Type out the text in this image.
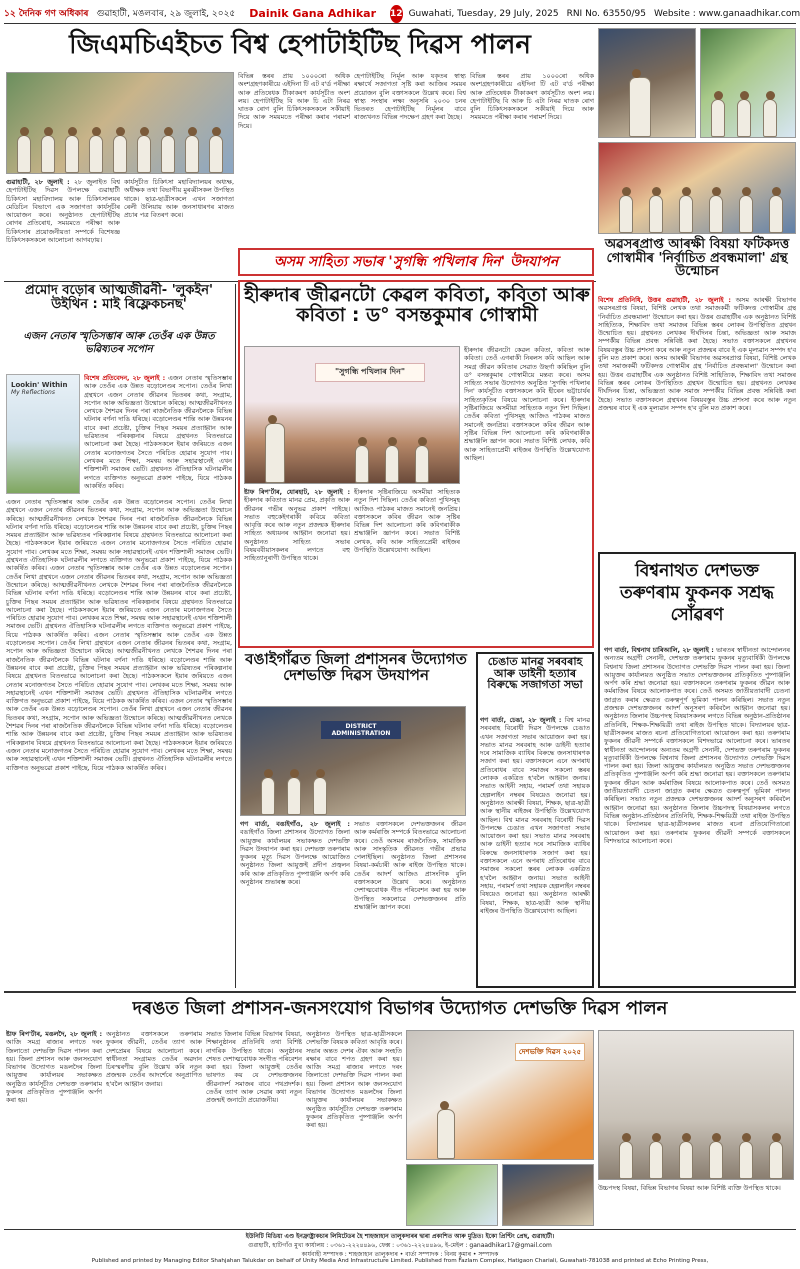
১২ দৈনিক গণ অধিকাৰ গুৱাহাটী, মঙলবাৰ, ২৯ জুলাই, ২০২৫ Dainik Gana Adhikar 12 Guwahati, Tuesday, 29 July, 2025 RNI No. 63550/95 Website : www.ganaadhikar.com
জিএমচিএইচত বিশ্ব হেপাটাইটিছ দিৱস পালন
গুৱাহাটী, ২৮ জুলাই : ২৮ জুলাইত বিশ্ব হেপাটাইটিছ দিৱস উপলক্ষে গুৱাহাটী চিকিৎসা মহাবিদ্যালয় আৰু চিকিৎসালয়ৰ মেডিচিন বিভাগে এক সজাগতা কাৰ্যসূচীৰ আয়োজন কৰে। অনুষ্ঠানত হেপাটাইটিছ ৰোগৰ প্ৰতিৰোধ, সময়মতে পৰীক্ষা আৰু চিকিৎসাৰ প্ৰয়োজনীয়তা সম্পৰ্কে বিশেষজ্ঞ চিকিৎসকসকলে আলোচনা আগবঢ়ায়।
কাৰ্যসূচীত চিকিৎসা মহাবিদ্যালয়ৰ অধ্যক্ষ, অধীক্ষক তথা বিভাগীয় মুৰব্বীসকল উপস্থিত থাকে। ছাত্ৰ-ছাত্ৰীসকলে এখন সজাগতা ৰেলী উলিয়ায় আৰু জনসাধাৰণৰ মাজত প্ৰচাৰ পত্ৰ বিতৰণ কৰে।
বিভিন্ন স্তৰৰ প্ৰায় ১০০০ৰো অধিক অংশগ্ৰহণকাৰীয়ে এইদিনা টি এট ব'ৰ্ড পৰীক্ষা আৰু প্ৰতিষেধক টীকাকৰণ কাৰ্যসূচীত অংশ লয়। হেপাটাইটিছ বি আৰু চি এটা নিৰৱ ঘাতক ৰোগ বুলি চিকিৎসকসকলে সকীয়াই দিয়ে আৰু সময়মতে পৰীক্ষা কৰাৰ পৰামৰ্শ দিয়ে।
হেপাটাইটিছ নিৰ্মূল আৰু যকৃতৰ স্বাস্থ্য ৰক্ষাৰ্থে সজাগতা সৃষ্টি কৰা আজিৰ সময়ৰ প্ৰয়োজন বুলি বক্তাসকলে উল্লেখ কৰে। বিশ্ব স্বাস্থ্য সংস্থাৰ লক্ষ্য অনুসৰি ২০৩০ চনৰ ভিতৰত হেপাটাইটিছ নিৰ্মূলৰ বাবে ৰাজ্যখনত বিভিন্ন পদক্ষেপ গ্ৰহণ কৰা হৈছে।
বিভিন্ন স্তৰৰ প্ৰায় ১০০০ৰো অধিক অংশগ্ৰহণকাৰীয়ে এইদিনা টি এট ব'ৰ্ড পৰীক্ষা আৰু প্ৰতিষেধক টীকাকৰণ কাৰ্যসূচীত অংশ লয়। হেপাটাইটিছ বি আৰু চি এটা নিৰৱ ঘাতক ৰোগ বুলি চিকিৎসকসকলে সকীয়াই দিয়ে আৰু সময়মতে পৰীক্ষা কৰাৰ পৰামৰ্শ দিয়ে।
অৱসৰপ্ৰাপ্ত আৰক্ষী বিষয়া ফটিকদত্ত গোস্বামীৰ 'নিৰ্বাচিত প্ৰবন্ধমালা' গ্ৰন্থ উন্মোচন
বিশেষ প্ৰতিনিধি, উত্তৰ গুৱাহাটী, ২৮ জুলাই : অসম আৰক্ষী বিভাগৰ অৱসৰপ্ৰাপ্ত বিষয়া, বিশিষ্ট লেখক তথা সমাজকৰ্মী ফটিকদত্ত গোস্বামীৰ গ্ৰন্থ 'নিৰ্বাচিত প্ৰবন্ধমালা' উন্মোচন কৰা হয়। উত্তৰ গুৱাহাটীৰ এক অনুষ্ঠানত বিশিষ্ট সাহিত্যিক, শিক্ষাবিদ তথা সমাজৰ বিভিন্ন স্তৰৰ লোকৰ উপস্থিতিত গ্ৰন্থখন উন্মোচিত হয়। গ্ৰন্থখনত লেখকৰ দীৰ্ঘদিনৰ চিন্তা, অভিজ্ঞতা আৰু সমাজ সম্পৰ্কীয় বিভিন্ন প্ৰবন্ধ সন্নিবিষ্ট কৰা হৈছে। সভাত বক্তাসকলে গ্ৰন্থখনৰ বিষয়বস্তুৰ উচ্চ প্ৰশংসা কৰে আৰু নতুন প্ৰজন্মৰ বাবে ই এক মূল্যৱান সম্পদ হ'ব বুলি মত প্ৰকাশ কৰে। অসম আৰক্ষী বিভাগৰ অৱসৰপ্ৰাপ্ত বিষয়া, বিশিষ্ট লেখক তথা সমাজকৰ্মী ফটিকদত্ত গোস্বামীৰ গ্ৰন্থ 'নিৰ্বাচিত প্ৰবন্ধমালা' উন্মোচন কৰা হয়। উত্তৰ গুৱাহাটীৰ এক অনুষ্ঠানত বিশিষ্ট সাহিত্যিক, শিক্ষাবিদ তথা সমাজৰ বিভিন্ন স্তৰৰ লোকৰ উপস্থিতিত গ্ৰন্থখন উন্মোচিত হয়। গ্ৰন্থখনত লেখকৰ দীৰ্ঘদিনৰ চিন্তা, অভিজ্ঞতা আৰু সমাজ সম্পৰ্কীয় বিভিন্ন প্ৰবন্ধ সন্নিবিষ্ট কৰা হৈছে। সভাত বক্তাসকলে গ্ৰন্থখনৰ বিষয়বস্তুৰ উচ্চ প্ৰশংসা কৰে আৰু নতুন প্ৰজন্মৰ বাবে ই এক মূল্যৱান সম্পদ হ'ব বুলি মত প্ৰকাশ কৰে।
প্ৰমোদ বড়োৰ আত্মজীৱনী- 'লুকইন' উইথিন : মাই ৰিফ্লেকচনছ'
এজন নেতাৰ স্মৃতিসম্ভাৰ আৰু তেওঁৰ এক উন্নত ভৱিষ্যতৰ সপোন
Lookin' Within
My Reflections
বিশেষ প্ৰতিবেদন, ২৮ জুলাই : এজন নেতাৰ স্মৃতিসম্ভাৰ আৰু তেওঁৰ এক উন্নত বড়োলেণ্ডৰ সপোন। তেওঁৰ লিখা গ্ৰন্থখনে এজন নেতাৰ জীৱনৰ ভিতৰৰ কথা, সংগ্ৰাম, সপোন আৰু অভিজ্ঞতা উন্মোচন কৰিছে। আত্মজীৱনীখনত লেখকে শৈশৱৰ দিনৰ পৰা ৰাজনৈতিক জীৱনলৈকে বিভিন্ন ঘটনাৰ বৰ্ণনা দাঙি ধৰিছে। বড়োলেণ্ডৰ শান্তি আৰু উন্নয়নৰ বাবে কৰা প্ৰচেষ্টা, চুক্তিৰ পিছৰ সময়ৰ প্ৰত্যাহ্বান আৰু ভৱিষ্যতৰ পৰিকল্পনাৰ বিষয়ে গ্ৰন্থখনত বিতংভাৱে আলোচনা কৰা হৈছে। পাঠকসকলে ইয়াৰ জৰিয়তে এজন নেতাৰ মনোজগতৰ সৈতে পৰিচিত হোৱাৰ সুযোগ পাব। লেখকৰ মতে শিক্ষা, সমন্বয় আৰু সহাৱস্থানেই এখন শক্তিশালী সমাজৰ ভেটি। গ্ৰন্থখনত ঐতিহাসিক ঘটনাৱলীৰ লগতে ব্যক্তিগত অনুভৱো প্ৰকাশ পাইছে, যিয়ে পাঠকক আকৰ্ষিত কৰিব।
এজন নেতাৰ স্মৃতিসম্ভাৰ আৰু তেওঁৰ এক উন্নত বড়োলেণ্ডৰ সপোন। তেওঁৰ লিখা গ্ৰন্থখনে এজন নেতাৰ জীৱনৰ ভিতৰৰ কথা, সংগ্ৰাম, সপোন আৰু অভিজ্ঞতা উন্মোচন কৰিছে। আত্মজীৱনীখনত লেখকে শৈশৱৰ দিনৰ পৰা ৰাজনৈতিক জীৱনলৈকে বিভিন্ন ঘটনাৰ বৰ্ণনা দাঙি ধৰিছে। বড়োলেণ্ডৰ শান্তি আৰু উন্নয়নৰ বাবে কৰা প্ৰচেষ্টা, চুক্তিৰ পিছৰ সময়ৰ প্ৰত্যাহ্বান আৰু ভৱিষ্যতৰ পৰিকল্পনাৰ বিষয়ে গ্ৰন্থখনত বিতংভাৱে আলোচনা কৰা হৈছে। পাঠকসকলে ইয়াৰ জৰিয়তে এজন নেতাৰ মনোজগতৰ সৈতে পৰিচিত হোৱাৰ সুযোগ পাব। লেখকৰ মতে শিক্ষা, সমন্বয় আৰু সহাৱস্থানেই এখন শক্তিশালী সমাজৰ ভেটি। গ্ৰন্থখনত ঐতিহাসিক ঘটনাৱলীৰ লগতে ব্যক্তিগত অনুভৱো প্ৰকাশ পাইছে, যিয়ে পাঠকক আকৰ্ষিত কৰিব। এজন নেতাৰ স্মৃতিসম্ভাৰ আৰু তেওঁৰ এক উন্নত বড়োলেণ্ডৰ সপোন। তেওঁৰ লিখা গ্ৰন্থখনে এজন নেতাৰ জীৱনৰ ভিতৰৰ কথা, সংগ্ৰাম, সপোন আৰু অভিজ্ঞতা উন্মোচন কৰিছে। আত্মজীৱনীখনত লেখকে শৈশৱৰ দিনৰ পৰা ৰাজনৈতিক জীৱনলৈকে বিভিন্ন ঘটনাৰ বৰ্ণনা দাঙি ধৰিছে। বড়োলেণ্ডৰ শান্তি আৰু উন্নয়নৰ বাবে কৰা প্ৰচেষ্টা, চুক্তিৰ পিছৰ সময়ৰ প্ৰত্যাহ্বান আৰু ভৱিষ্যতৰ পৰিকল্পনাৰ বিষয়ে গ্ৰন্থখনত বিতংভাৱে আলোচনা কৰা হৈছে। পাঠকসকলে ইয়াৰ জৰিয়তে এজন নেতাৰ মনোজগতৰ সৈতে পৰিচিত হোৱাৰ সুযোগ পাব। লেখকৰ মতে শিক্ষা, সমন্বয় আৰু সহাৱস্থানেই এখন শক্তিশালী সমাজৰ ভেটি। গ্ৰন্থখনত ঐতিহাসিক ঘটনাৱলীৰ লগতে ব্যক্তিগত অনুভৱো প্ৰকাশ পাইছে, যিয়ে পাঠকক আকৰ্ষিত কৰিব। এজন নেতাৰ স্মৃতিসম্ভাৰ আৰু তেওঁৰ এক উন্নত বড়োলেণ্ডৰ সপোন। তেওঁৰ লিখা গ্ৰন্থখনে এজন নেতাৰ জীৱনৰ ভিতৰৰ কথা, সংগ্ৰাম, সপোন আৰু অভিজ্ঞতা উন্মোচন কৰিছে। আত্মজীৱনীখনত লেখকে শৈশৱৰ দিনৰ পৰা ৰাজনৈতিক জীৱনলৈকে বিভিন্ন ঘটনাৰ বৰ্ণনা দাঙি ধৰিছে। বড়োলেণ্ডৰ শান্তি আৰু উন্নয়নৰ বাবে কৰা প্ৰচেষ্টা, চুক্তিৰ পিছৰ সময়ৰ প্ৰত্যাহ্বান আৰু ভৱিষ্যতৰ পৰিকল্পনাৰ বিষয়ে গ্ৰন্থখনত বিতংভাৱে আলোচনা কৰা হৈছে। পাঠকসকলে ইয়াৰ জৰিয়তে এজন নেতাৰ মনোজগতৰ সৈতে পৰিচিত হোৱাৰ সুযোগ পাব। লেখকৰ মতে শিক্ষা, সমন্বয় আৰু সহাৱস্থানেই এখন শক্তিশালী সমাজৰ ভেটি। গ্ৰন্থখনত ঐতিহাসিক ঘটনাৱলীৰ লগতে ব্যক্তিগত অনুভৱো প্ৰকাশ পাইছে, যিয়ে পাঠকক আকৰ্ষিত কৰিব। এজন নেতাৰ স্মৃতিসম্ভাৰ আৰু তেওঁৰ এক উন্নত বড়োলেণ্ডৰ সপোন। তেওঁৰ লিখা গ্ৰন্থখনে এজন নেতাৰ জীৱনৰ ভিতৰৰ কথা, সংগ্ৰাম, সপোন আৰু অভিজ্ঞতা উন্মোচন কৰিছে। আত্মজীৱনীখনত লেখকে শৈশৱৰ দিনৰ পৰা ৰাজনৈতিক জীৱনলৈকে বিভিন্ন ঘটনাৰ বৰ্ণনা দাঙি ধৰিছে। বড়োলেণ্ডৰ শান্তি আৰু উন্নয়নৰ বাবে কৰা প্ৰচেষ্টা, চুক্তিৰ পিছৰ সময়ৰ প্ৰত্যাহ্বান আৰু ভৱিষ্যতৰ পৰিকল্পনাৰ বিষয়ে গ্ৰন্থখনত বিতংভাৱে আলোচনা কৰা হৈছে। পাঠকসকলে ইয়াৰ জৰিয়তে এজন নেতাৰ মনোজগতৰ সৈতে পৰিচিত হোৱাৰ সুযোগ পাব। লেখকৰ মতে শিক্ষা, সমন্বয় আৰু সহাৱস্থানেই এখন শক্তিশালী সমাজৰ ভেটি। গ্ৰন্থখনত ঐতিহাসিক ঘটনাৱলীৰ লগতে ব্যক্তিগত অনুভৱো প্ৰকাশ পাইছে, যিয়ে পাঠকক আকৰ্ষিত কৰিব।
অসম সাহিত্য সভাৰ 'সুগন্ধি পখিলাৰ দিন' উদযাপন
হীৰুদাৰ জীৱনটো কেৱল কবিতা, কবিতা আৰু কবিতা : ড° বসন্তকুমাৰ গোস্বামী
"সুগন্ধি পখিলাৰ দিন"
হীৰুদাৰ জীৱনটো কেৱল কবিতা, কবিতা আৰু কবিতা। তেওঁ এগৰাকী নিৰলস কবি আছিল আৰু সমগ্ৰ জীৱন কবিতাৰ সেৱাত উছৰ্গা কৰিছিল বুলি ড° বসন্তকুমাৰ গোস্বামীয়ে মন্তব্য কৰে। অসম সাহিত্য সভাৰ উদ্যোগত অনুষ্ঠিত 'সুগন্ধি পখিলাৰ দিন' কাৰ্যসূচীত বক্তাসকলে কবি হীৰেন ভট্টাচাৰ্যৰ সাহিত্যকৃতিৰ বিষয়ে আলোচনা কৰে। হীৰুদাৰ সৃষ্টিৰাজিয়ে অসমীয়া সাহিত্যক নতুন দিশ দিছিল। তেওঁৰ কবিতা পুথিসমূহ আজিও পাঠকৰ মাজত সমানেই জনপ্ৰিয়। বক্তাসকলে কবিৰ জীৱন আৰু সৃষ্টিৰ বিভিন্ন দিশ আলোচনা কৰি কবিগৰাকীক শ্ৰদ্ধাঞ্জলি জ্ঞাপন কৰে। সভাত বিশিষ্ট লেখক, কবি আৰু সাহিত্যপ্ৰেমী ৰাইজৰ উপস্থিতি উল্লেখযোগ্য আছিল।
ষ্টাফ ৰিপ'ৰ্টাৰ, যোৰহাট, ২৮ জুলাই : হীৰুদাৰ কবিতাত মানৱ প্ৰেম, প্ৰকৃতি আৰু জীৱনৰ গভীৰ অনুভৱ প্ৰকাশ পাইছে। সভাত বহুকেইগৰাকী কবিয়ে কবিতা আবৃত্তি কৰে আৰু নতুন প্ৰজন্মক হীৰুদাৰ সাহিত্য অধ্যয়নৰ আহ্বান জনোৱা হয়। অনুষ্ঠানত সাহিত্য সভাৰ বিষয়ববীয়াসকলৰ লগতে বহু সাহিত্যানুৰাগী উপস্থিত থাকে।
হীৰুদাৰ সৃষ্টিৰাজিয়ে অসমীয়া সাহিত্যক নতুন দিশ দিছিল। তেওঁৰ কবিতা পুথিসমূহ আজিও পাঠকৰ মাজত সমানেই জনপ্ৰিয়। বক্তাসকলে কবিৰ জীৱন আৰু সৃষ্টিৰ বিভিন্ন দিশ আলোচনা কৰি কবিগৰাকীক শ্ৰদ্ধাঞ্জলি জ্ঞাপন কৰে। সভাত বিশিষ্ট লেখক, কবি আৰু সাহিত্যপ্ৰেমী ৰাইজৰ উপস্থিতি উল্লেখযোগ্য আছিল।
বিশ্বনাথত দেশভক্ত তৰুণৰাম ফুকনক সশ্ৰদ্ধ সোঁৱৰণ
গণ বাৰ্তা, বিশ্বনাথ চাৰিআলি, ২৮ জুলাই : ভাৰতৰ স্বাধীনতা আন্দোলনৰ অন্যতম অগ্ৰণী সেনানী, দেশভক্ত তৰুণৰাম ফুকনৰ মৃত্যুবাৰ্ষিকী উপলক্ষে বিশ্বনাথ জিলা প্ৰশাসনৰ উদ্যোগত দেশভক্তি দিৱস পালন কৰা হয়। জিলা আয়ুক্তৰ কাৰ্যালয়ত অনুষ্ঠিত সভাত দেশভক্তজনৰ প্ৰতিকৃতিত পুষ্পাঞ্জলি অৰ্পণ কৰি শ্ৰদ্ধা জনোৱা হয়। বক্তাসকলে তৰুণৰাম ফুকনৰ জীৱন আৰু কৰ্মৰাজিৰ বিষয়ে আলোকপাত কৰে। তেওঁ অসমত জাতীয়তাবাদী চেতনা জাগ্ৰত কৰাৰ ক্ষেত্ৰত গুৰুত্বপূৰ্ণ ভূমিকা পালন কৰিছিল। সভাত নতুন প্ৰজন্মক দেশভক্তজনৰ আদৰ্শ অনুসৰণ কৰিবলৈ আহ্বান জনোৱা হয়। অনুষ্ঠানত জিলাৰ উচ্চপদস্থ বিষয়াসকলৰ লগতে বিভিন্ন অনুষ্ঠান-প্ৰতিষ্ঠানৰ প্ৰতিনিধি, শিক্ষক-শিক্ষয়িত্ৰী তথা ৰাইজ উপস্থিত থাকে। বিদ্যালয়ৰ ছাত্ৰ-ছাত্ৰীসকলৰ মাজত ৰচনা প্ৰতিযোগিতাৰো আয়োজন কৰা হয়। তৰুণৰাম ফুকনৰ জীৱনী সম্পৰ্কে বক্তাসকলে বিশদভাৱে আলোচনা কৰে। ভাৰতৰ স্বাধীনতা আন্দোলনৰ অন্যতম অগ্ৰণী সেনানী, দেশভক্ত তৰুণৰাম ফুকনৰ মৃত্যুবাৰ্ষিকী উপলক্ষে বিশ্বনাথ জিলা প্ৰশাসনৰ উদ্যোগত দেশভক্তি দিৱস পালন কৰা হয়। জিলা আয়ুক্তৰ কাৰ্যালয়ত অনুষ্ঠিত সভাত দেশভক্তজনৰ প্ৰতিকৃতিত পুষ্পাঞ্জলি অৰ্পণ কৰি শ্ৰদ্ধা জনোৱা হয়। বক্তাসকলে তৰুণৰাম ফুকনৰ জীৱন আৰু কৰ্মৰাজিৰ বিষয়ে আলোকপাত কৰে। তেওঁ অসমত জাতীয়তাবাদী চেতনা জাগ্ৰত কৰাৰ ক্ষেত্ৰত গুৰুত্বপূৰ্ণ ভূমিকা পালন কৰিছিল। সভাত নতুন প্ৰজন্মক দেশভক্তজনৰ আদৰ্শ অনুসৰণ কৰিবলৈ আহ্বান জনোৱা হয়। অনুষ্ঠানত জিলাৰ উচ্চপদস্থ বিষয়াসকলৰ লগতে বিভিন্ন অনুষ্ঠান-প্ৰতিষ্ঠানৰ প্ৰতিনিধি, শিক্ষক-শিক্ষয়িত্ৰী তথা ৰাইজ উপস্থিত থাকে। বিদ্যালয়ৰ ছাত্ৰ-ছাত্ৰীসকলৰ মাজত ৰচনা প্ৰতিযোগিতাৰো আয়োজন কৰা হয়। তৰুণৰাম ফুকনৰ জীৱনী সম্পৰ্কে বক্তাসকলে বিশদভাৱে আলোচনা কৰে।
বঙাইগাঁৱত জিলা প্ৰশাসনৰ উদ্যোগত দেশভক্তি দিৱস উদযাপন
DISTRICT ADMINISTRATION
গণ বাৰ্তা, বঙাইগাঁও, ২৮ জুলাই : বঙাইগাঁও জিলা প্ৰশাসনৰ উদ্যোগত জিলা আয়ুক্তৰ কাৰ্যালয়ৰ সভাকক্ষত দেশভক্তি দিৱস উদযাপন কৰা হয়। দেশভক্ত তৰুণৰাম ফুকনৰ মৃত্যু দিৱস উপলক্ষে আয়োজিত অনুষ্ঠানত জিলা আয়ুক্তই প্ৰদীপ প্ৰজ্বলন কৰি আৰু প্ৰতিকৃতিত পুষ্পাঞ্জলি অৰ্পণ কৰি অনুষ্ঠানৰ শুভাৰম্ভ কৰে।
সভাত বক্তাসকলে দেশভক্তজনৰ জীৱন আৰু কৰ্মৰাজি সম্পৰ্কে বিতংভাৱে আলোচনা কৰে। তেওঁ অসমৰ ৰাজনৈতিক, সামাজিক আৰু সাংস্কৃতিক জীৱনত গভীৰ প্ৰভাৱ পেলাইছিল। অনুষ্ঠানত জিলা প্ৰশাসনৰ বিষয়া-কৰ্মচাৰী আৰু ৰাইজ উপস্থিত থাকে। তেওঁৰ আদৰ্শ আজিও প্ৰাসংগিক বুলি বক্তাসকলে উল্লেখ কৰে। অনুষ্ঠানত দেশাত্মবোধক গীত পৰিবেশন কৰা হয় আৰু উপস্থিত সকলোৱে দেশভক্তজনৰ প্ৰতি শ্ৰদ্ধাঞ্জলি জ্ঞাপন কৰে।
চেঙাত মানৱ সৰবৰাহ আৰু ডাইনী হত্যাৰ বিৰুদ্ধে সজাগতা সভা
গণ বাৰ্তা, চেঙা, ২৮ জুলাই : বিশ্ব মানৱ সৰবৰাহ বিৰোধী দিৱস উপলক্ষে চেঙাত এখন সজাগতা সভাৰ আয়োজন কৰা হয়। সভাত মানৱ সৰবৰাহ আৰু ডাইনী হত্যাৰ দৰে সামাজিক ব্যাধিৰ বিৰুদ্ধে জনসাধাৰণক সজাগ কৰা হয়। বক্তাসকলে এনে অপৰাধ প্ৰতিৰোধৰ বাবে সমাজৰ সকলো স্তৰৰ লোকক একত্ৰিত হ'বলৈ আহ্বান জনায়। সভাত আইনী সহায়, পৰামৰ্শ তথা সহায়ক হেল্পলাইন নম্বৰৰ বিষয়েও জনোৱা হয়। অনুষ্ঠানত আৰক্ষী বিষয়া, শিক্ষক, ছাত্ৰ-ছাত্ৰী আৰু স্থানীয় ৰাইজৰ উপস্থিতি উল্লেখযোগ্য আছিল। বিশ্ব মানৱ সৰবৰাহ বিৰোধী দিৱস উপলক্ষে চেঙাত এখন সজাগতা সভাৰ আয়োজন কৰা হয়। সভাত মানৱ সৰবৰাহ আৰু ডাইনী হত্যাৰ দৰে সামাজিক ব্যাধিৰ বিৰুদ্ধে জনসাধাৰণক সজাগ কৰা হয়। বক্তাসকলে এনে অপৰাধ প্ৰতিৰোধৰ বাবে সমাজৰ সকলো স্তৰৰ লোকক একত্ৰিত হ'বলৈ আহ্বান জনায়। সভাত আইনী সহায়, পৰামৰ্শ তথা সহায়ক হেল্পলাইন নম্বৰৰ বিষয়েও জনোৱা হয়। অনুষ্ঠানত আৰক্ষী বিষয়া, শিক্ষক, ছাত্ৰ-ছাত্ৰী আৰু স্থানীয় ৰাইজৰ উপস্থিতি উল্লেখযোগ্য আছিল।
দৰঙত জিলা প্ৰশাসন-জনসংযোগ বিভাগৰ উদ্যোগত দেশভক্তি দিৱস পালন
ষ্টাফ ৰিপ'ৰ্টাৰ, মঙলদৈ, ২৮ জুলাই : আজি সমগ্ৰ ৰাজ্যৰ লগতে দৰং জিলাতো দেশভক্তি দিৱস পালন কৰা হয়। জিলা প্ৰশাসন আৰু জনসংযোগ বিভাগৰ উদ্যোগত মঙলদৈৰ জিলা আয়ুক্তৰ কাৰ্যালয়ৰ সভাকক্ষত অনুষ্ঠিত কাৰ্যসূচীত দেশভক্ত তৰুণৰাম ফুকনৰ প্ৰতিকৃতিত পুষ্পাঞ্জলি অৰ্পণ কৰা হয়।
অনুষ্ঠানত বক্তাসকলে তৰুণৰাম ফুকনৰ জীৱনী, তেওঁৰ ত্যাগ আৰু দেশপ্ৰেমৰ বিষয়ে আলোচনা কৰে। স্বাধীনতা সংগ্ৰামত তেওঁৰ অৱদান চিৰস্মৰণীয় বুলি উল্লেখ কৰি নতুন প্ৰজন্মক তেওঁৰ আদৰ্শেৰে অনুপ্ৰাণিত হ'বলৈ আহ্বান জনায়।
সভাত জিলাৰ বিভিন্ন বিভাগৰ বিষয়া, শিক্ষানুষ্ঠানৰ প্ৰতিনিধি তথা বিশিষ্ট নাগৰিক উপস্থিত থাকে। অনুষ্ঠানৰ শেষত দেশাত্মবোধক সংগীত পৰিবেশন কৰা হয়। জিলা আয়ুক্তই তেওঁৰ ভাষণত কয় যে দেশভক্তজনৰ জীৱনাদৰ্শ সমাজৰ বাবে পথপ্ৰদৰ্শক। তেওঁৰ ত্যাগ আৰু সেৱাৰ কথা নতুন প্ৰজন্মই জনাটো প্ৰয়োজনীয়।
অনুষ্ঠানত উপস্থিত ছাত্ৰ-ছাত্ৰীসকলে দেশভক্তি বিষয়ক কবিতা আবৃত্তি কৰে। সভাৰ অন্তত দেশৰ ঐক্য আৰু সংহতি ৰক্ষাৰ বাবে শপত গ্ৰহণ কৰা হয়। আজি সমগ্ৰ ৰাজ্যৰ লগতে দৰং জিলাতো দেশভক্তি দিৱস পালন কৰা হয়। জিলা প্ৰশাসন আৰু জনসংযোগ বিভাগৰ উদ্যোগত মঙলদৈৰ জিলা আয়ুক্তৰ কাৰ্যালয়ৰ সভাকক্ষত অনুষ্ঠিত কাৰ্যসূচীত দেশভক্ত তৰুণৰাম ফুকনৰ প্ৰতিকৃতিত পুষ্পাঞ্জলি অৰ্পণ কৰা হয়।
দেশভক্তি দিৱস ২০২৫
উচ্চপদস্থ বিষয়া, বিভিন্ন বিভাগৰ বিষয়া আৰু বিশিষ্ট ব্যক্তি উপস্থিত থাকে।
ইউনিটি মিডিয়া এণ্ড ইনফ্ৰাষ্ট্ৰাকচাৰ লিমিটেডৰ হৈ শাহজাহান তালুকদাৰৰ দ্বাৰা প্ৰকাশিত আৰু মুদ্ৰিত। ইকো প্ৰিণ্টিং প্ৰেছ, গুৱাহাটী।
গুৱাহাটী, হাটিগাঁও মুখ্য কাৰ্যালয় : ০৩৬১-২২২৪৪৯৬, ফেক্স : ০৩৬১-২২২৪৪৯৬, ই-মেইল : ganaadhikar17@gmail.com
কাৰ্যবাহী সম্পাদক : শাহজাহান তালুকদাৰ • বাৰ্তা সম্পাদক : বিনয় কুমাৰ • সম্পাদক
Published and printed by Managing Editor Shahjahan Talukdar on behalf of Unity Media And Infrastructure Limited. Published from Fazlam Complex, Hatigaon Chariali, Guwahati-781038 and printed at Echo Printing Press,
